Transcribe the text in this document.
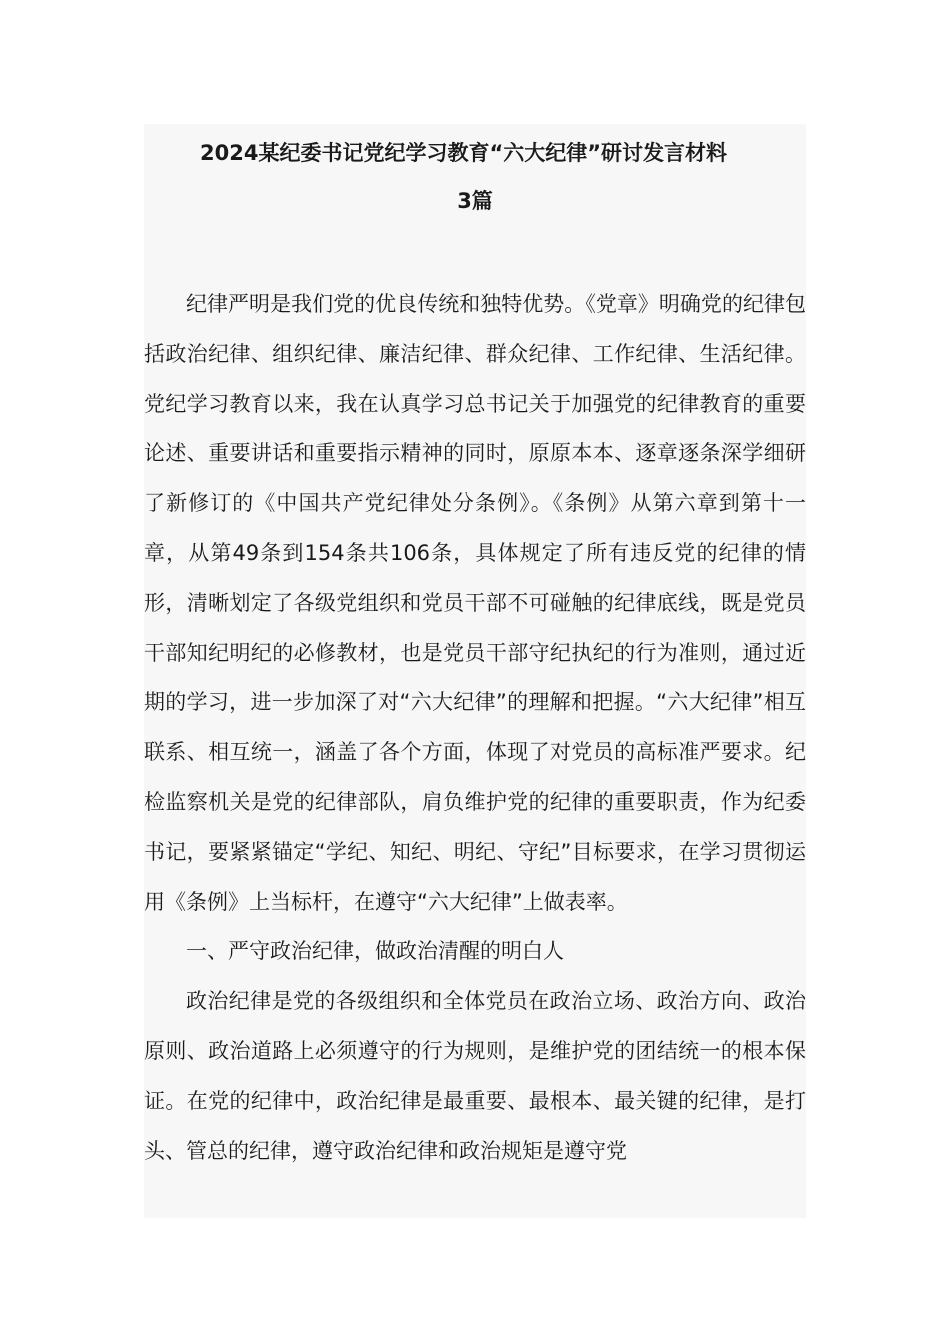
2024某纪委书记党纪学习教育“六大纪律”研讨发言材料
3篇

纪律严明是我们党的优良传统和独特优势。《党章》明确党的纪律包括政治纪律、组织纪律、廉洁纪律、群众纪律、工作纪律、生活纪律。党纪学习教育以来，我在认真学习总书记关于加强党的纪律教育的重要论述、重要讲话和重要指示精神的同时，原原本本、逐章逐条深学细研了新修订的《中国共产党纪律处分条例》。《条例》从第六章到第十一章，从第49条到154条共106条，具体规定了所有违反党的纪律的情形，清晰划定了各级党组织和党员干部不可碰触的纪律底线，既是党员干部知纪明纪的必修教材，也是党员干部守纪执纪的行为准则，通过近期的学习，进一步加深了对“六大纪律”的理解和把握。“六大纪律”相互联系、相互统一，涵盖了各个方面，体现了对党员的高标准严要求。纪检监察机关是党的纪律部队，肩负维护党的纪律的重要职责，作为纪委书记，要紧紧锚定“学纪、知纪、明纪、守纪”目标要求，在学习贯彻运用《条例》上当标杆，在遵守“六大纪律”上做表率。

一、严守政治纪律，做政治清醒的明白人

政治纪律是党的各级组织和全体党员在政治立场、政治方向、政治原则、政治道路上必须遵守的行为规则，是维护党的团结统一的根本保证。在党的纪律中，政治纪律是最重要、最根本、最关键的纪律，是打头、管总的纪律，遵守政治纪律和政治规矩是遵守党
